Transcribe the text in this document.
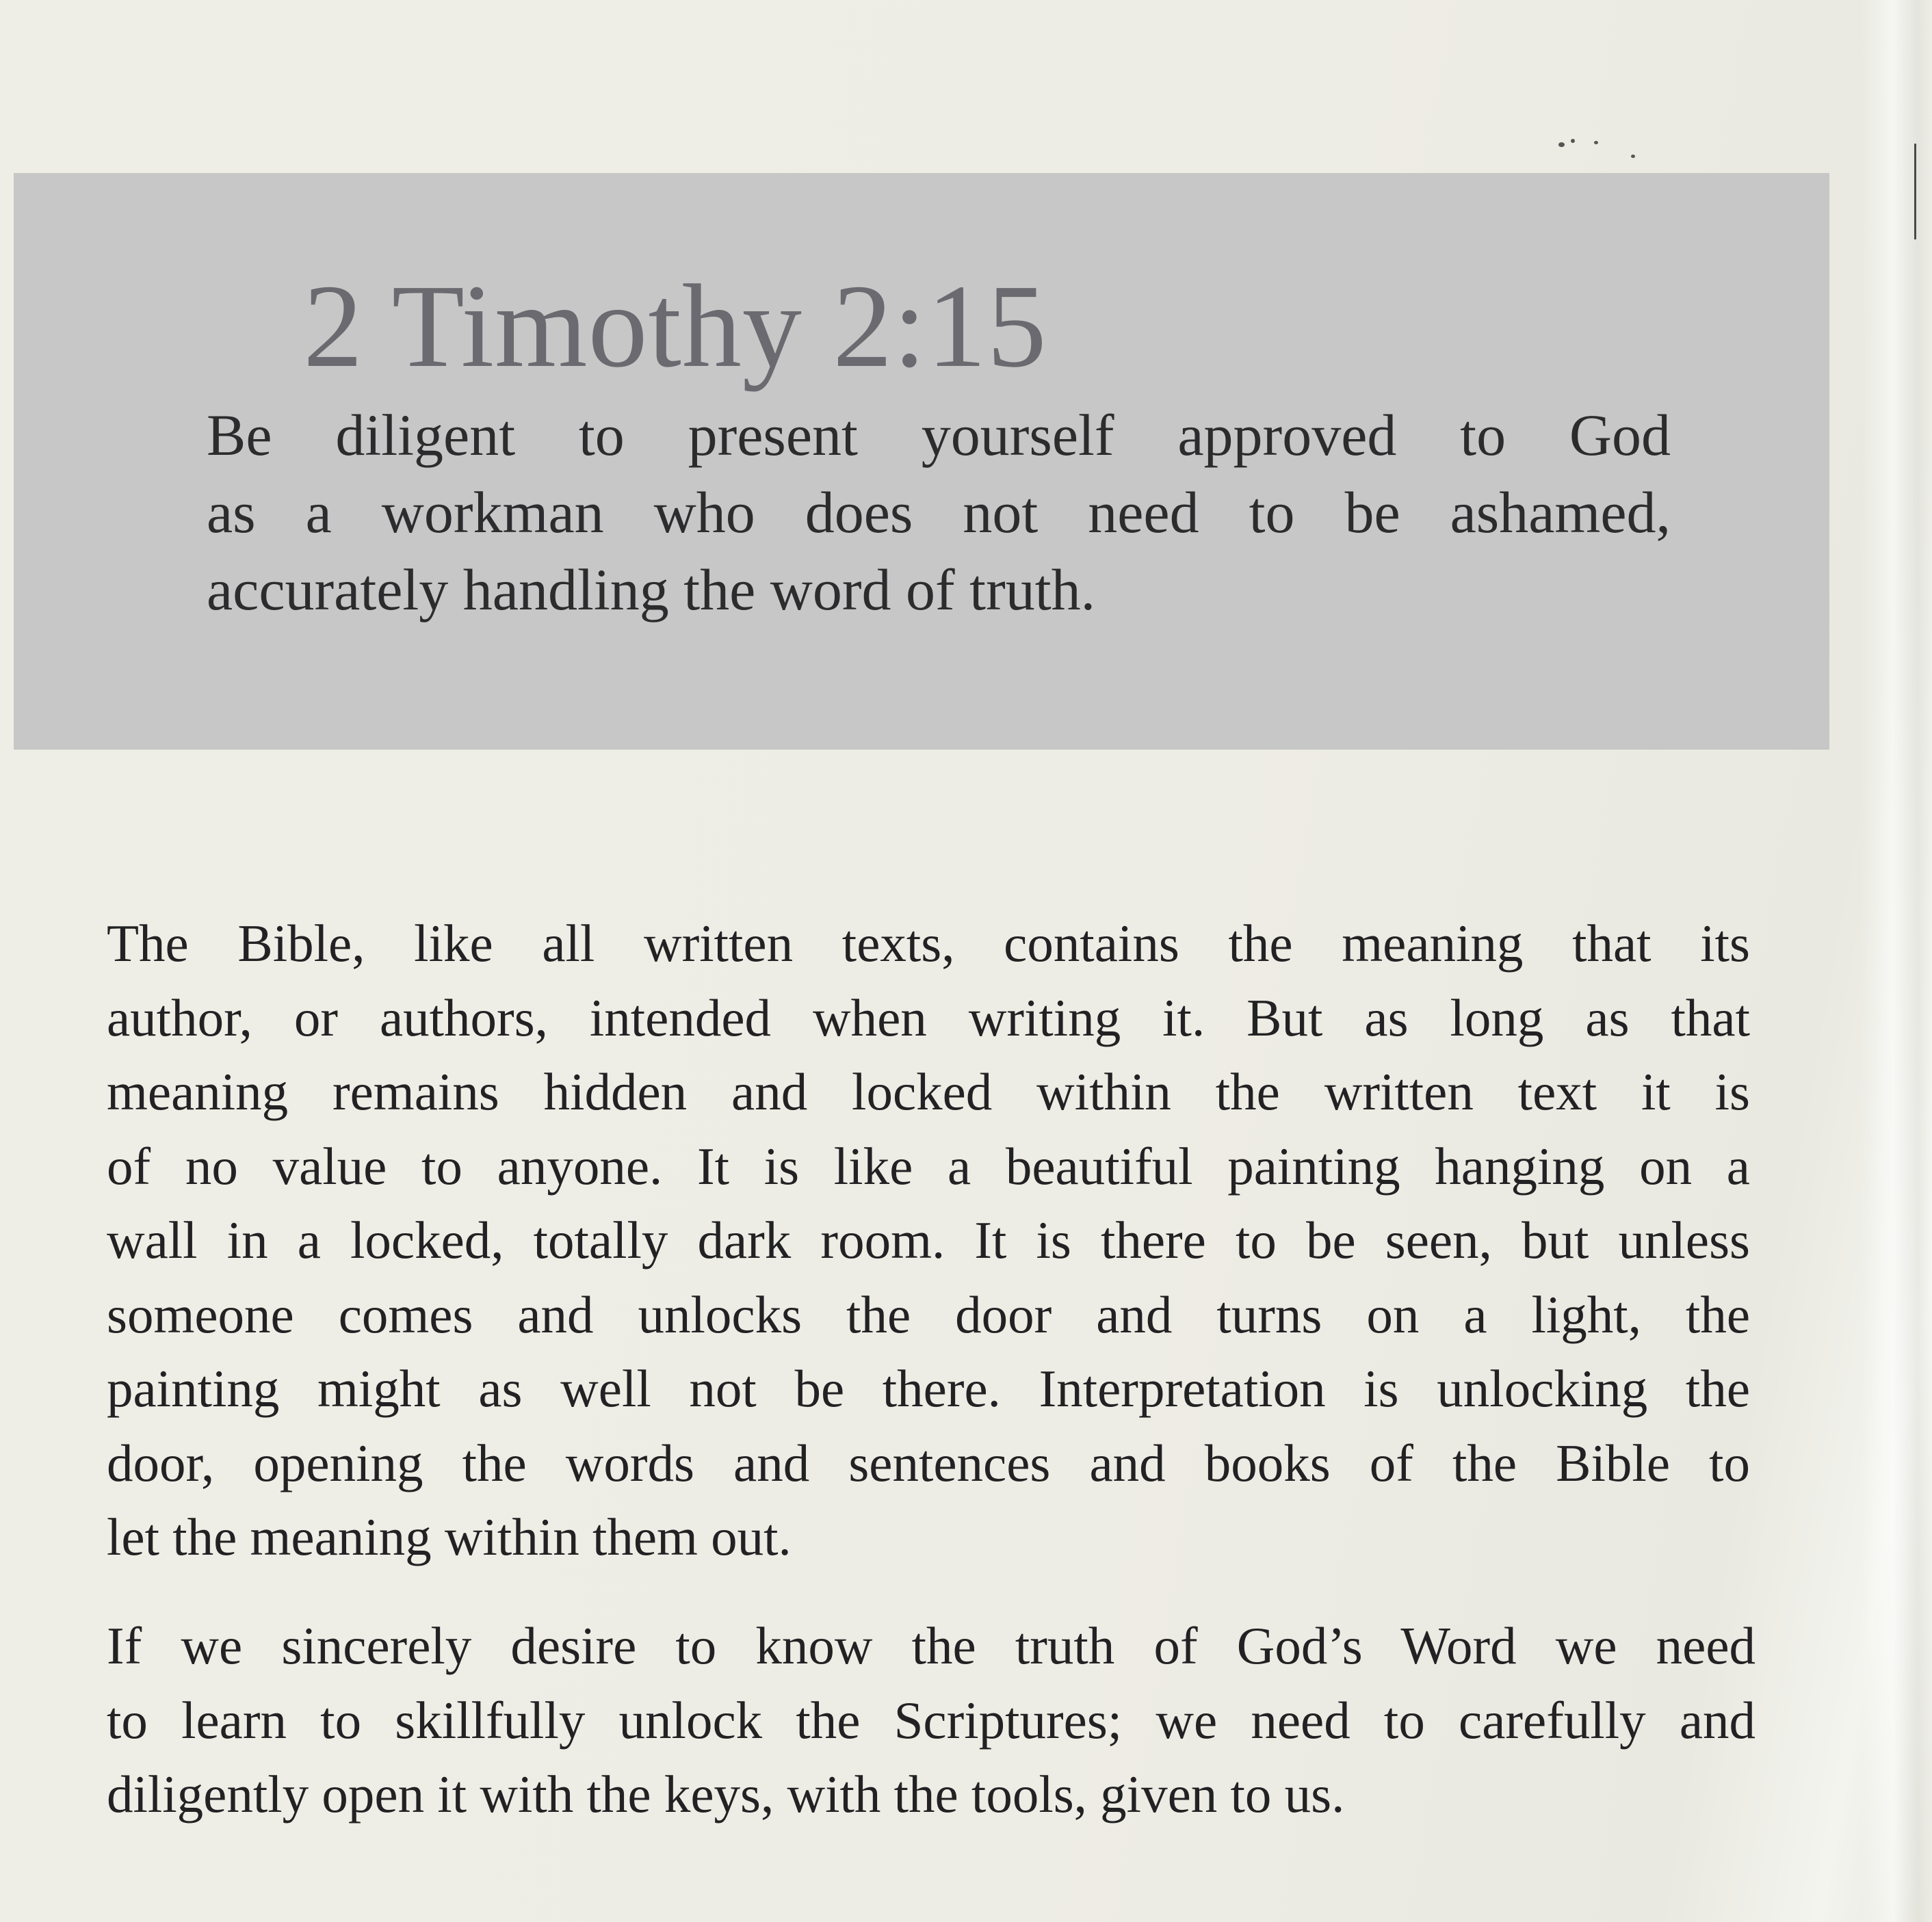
2 Timothy 2:15

Be diligent to present yourself approved to God
as a workman who does not need to be ashamed,
accurately handling the word of truth.

The Bible, like all written texts, contains the meaning that its
author, or authors, intended when writing it. But as long as that
meaning remains hidden and locked within the written text it is
of no value to anyone. It is like a beautiful painting hanging on a
wall in a locked, totally dark room. It is there to be seen, but unless
someone comes and unlocks the door and turns on a light, the
painting might as well not be there. Interpretation is unlocking the
door, opening the words and sentences and books of the Bible to
let the meaning within them out.

If we sincerely desire to know the truth of God’s Word we need
to learn to skillfully unlock the Scriptures; we need to carefully and
diligently open it with the keys, with the tools, given to us.
